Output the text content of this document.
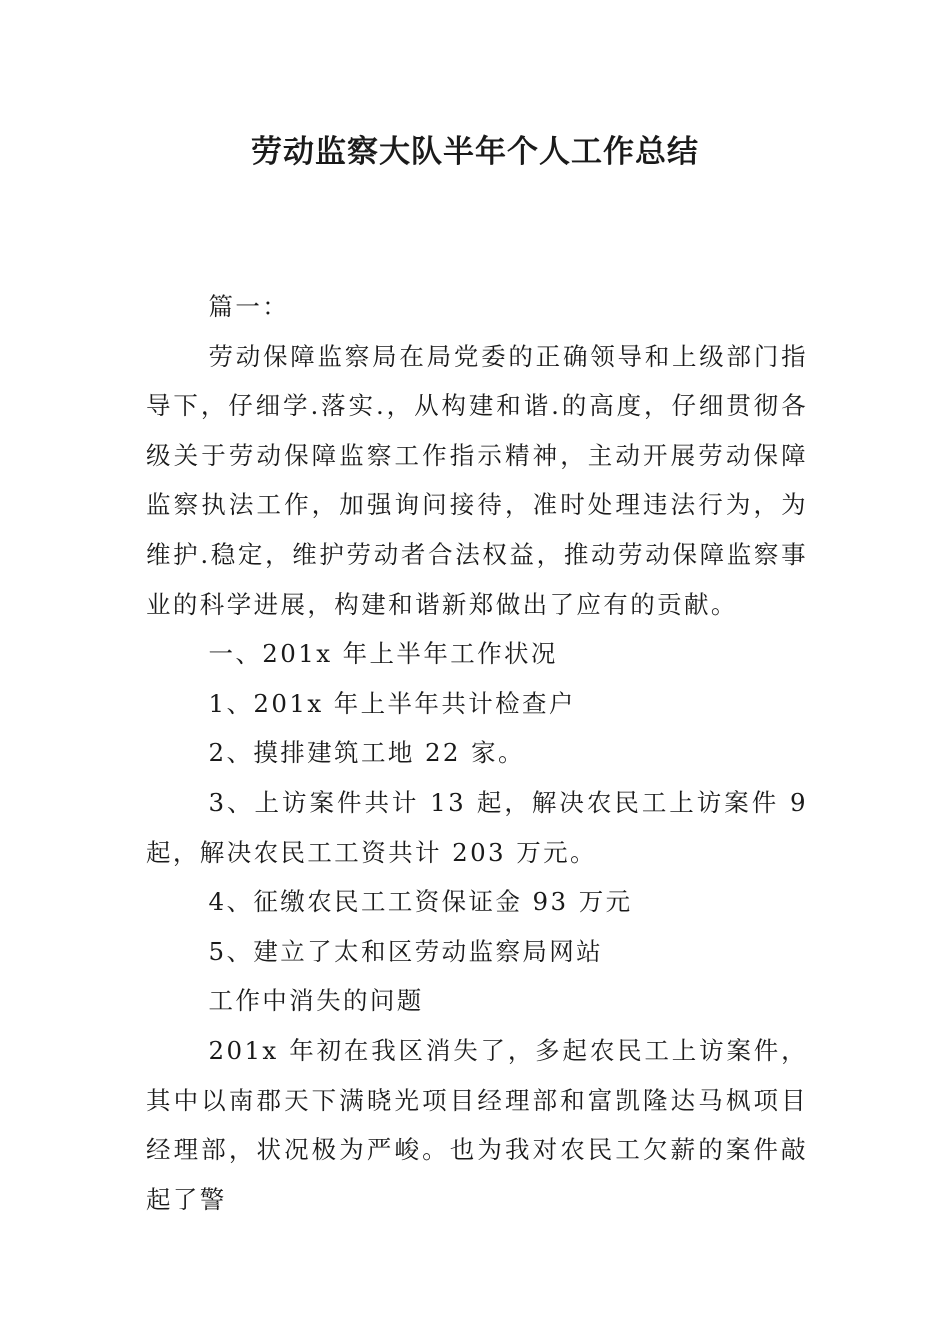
劳动监察大队半年个人工作总结

篇一：

劳动保障监察局在局党委的正确领导和上级部门指导下，仔细学.落实.，从构建和谐.的高度，仔细贯彻各级关于劳动保障监察工作指示精神，主动开展劳动保障监察执法工作，加强询问接待，准时处理违法行为，为维护.稳定，维护劳动者合法权益，推动劳动保障监察事业的科学进展，构建和谐新郑做出了应有的贡献。

一、201x 年上半年工作状况

1、201x 年上半年共计检查户

2、摸排建筑工地 22 家。

3、上访案件共计 13 起，解决农民工上访案件 9 起，解决农民工工资共计 203 万元。

4、征缴农民工工资保证金 93 万元

5、建立了太和区劳动监察局网站

工作中消失的问题

201x 年初在我区消失了，多起农民工上访案件，其中以南郡天下满晓光项目经理部和富凯隆达马枫项目经理部，状况极为严峻。也为我对农民工欠薪的案件敲起了警
